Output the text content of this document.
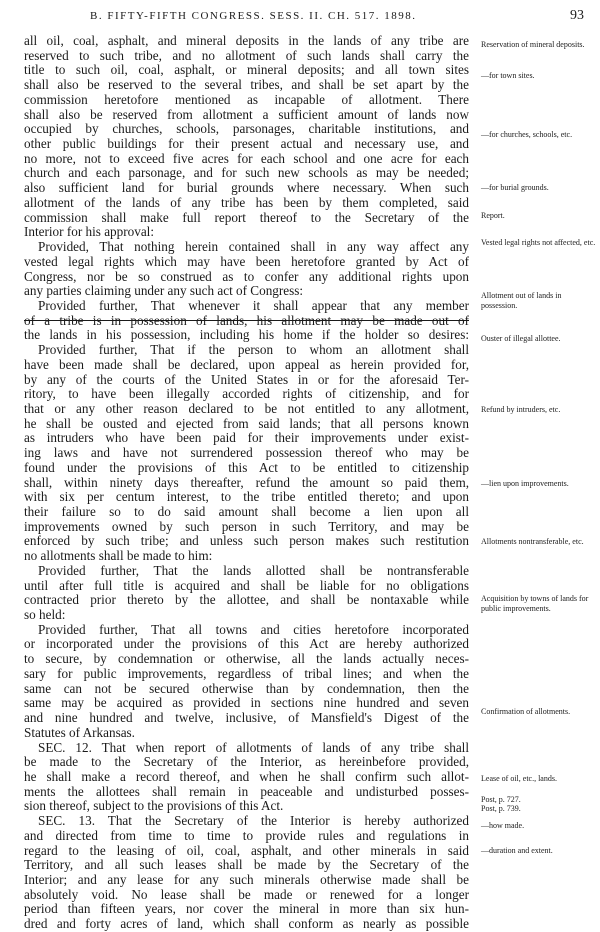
B. FIFTY-FIFTH CONGRESS. SESS. II. CH. 517. 1898.	93
all oil, coal, asphalt, and mineral deposits in the lands of any tribe are
reserved to such tribe, and no allotment of such lands shall carry the
title to such oil, coal, asphalt, or mineral deposits; and all town sites
shall also be reserved to the several tribes, and shall be set apart by the
commission heretofore mentioned as incapable of allotment. There
shall also be reserved from allotment a sufficient amount of lands now
occupied by churches, schools, parsonages, charitable institutions, and
other public buildings for their present actual and necessary use, and
no more, not to exceed five acres for each school and one acre for each
church and each parsonage, and for such new schools as may be needed;
also sufficient land for burial grounds where necessary. When such
allotment of the lands of any tribe has been by them completed, said
commission shall make full report thereof to the Secretary of the
Interior for his approval:
Provided, That nothing herein contained shall in any way affect any
vested legal rights which may have been heretofore granted by Act of
Congress, nor be so construed as to confer any additional rights upon
any parties claiming under any such act of Congress:
Provided further, That whenever it shall appear that any member
of a tribe is in possession of lands, his allotment may be made out of
the lands in his possession, including his home if the holder so desires:
Provided further, That if the person to whom an allotment shall
have been made shall be declared, upon appeal as herein provided for,
by any of the courts of the United States in or for the aforesaid Ter-
ritory, to have been illegally accorded rights of citizenship, and for
that or any other reason declared to be not entitled to any allotment,
he shall be ousted and ejected from said lands; that all persons known
as intruders who have been paid for their improvements under exist-
ing laws and have not surrendered possession thereof who may be
found under the provisions of this Act to be entitled to citizenship
shall, within ninety days thereafter, refund the amount so paid them,
with six per centum interest, to the tribe entitled thereto; and upon
their failure so to do said amount shall become a lien upon all
improvements owned by such person in such Territory, and may be
enforced by such tribe; and unless such person makes such restitution
no allotments shall be made to him:
Provided further, That the lands allotted shall be nontransferable
until after full title is acquired and shall be liable for no obligations
contracted prior thereto by the allottee, and shall be nontaxable while
so held:
Provided further, That all towns and cities heretofore incorporated
or incorporated under the provisions of this Act are hereby authorized
to secure, by condemnation or otherwise, all the lands actually neces-
sary for public improvements, regardless of tribal lines; and when the
same can not be secured otherwise than by condemnation, then the
same may be acquired as provided in sections nine hundred and seven
and nine hundred and twelve, inclusive, of Mansfield's Digest of the
Statutes of Arkansas.
SEC. 12. That when report of allotments of lands of any tribe shall
be made to the Secretary of the Interior, as hereinbefore provided,
he shall make a record thereof, and when he shall confirm such allot-
ments the allottees shall remain in peaceable and undisturbed posses-
sion thereof, subject to the provisions of this Act.
SEC. 13. That the Secretary of the Interior is hereby authorized
and directed from time to time to provide rules and regulations in
regard to the leasing of oil, coal, asphalt, and other minerals in said
Territory, and all such leases shall be made by the Secretary of the
Interior; and any lease for any such minerals otherwise made shall be
absolutely void. No lease shall be made or renewed for a longer
period than fifteen years, nor cover the mineral in more than six hun-
dred and forty acres of land, which shall conform as nearly as possible
Reservation of mineral deposits.
—for town sites.
—for churches, schools, etc.
—for burial grounds.
Report.
Vested legal rights not affected, etc.
Allotment out of lands in possession.
Ouster of illegal allottee.
Refund by intruders, etc.
—lien upon improvements.
Allotments nontransferable, etc.
Acquisition by towns of lands for public improvements.
Confirmation of allotments.
Lease of oil, etc., lands.
Post, p. 727.
Post, p. 739.
—how made.
—duration and extent.
